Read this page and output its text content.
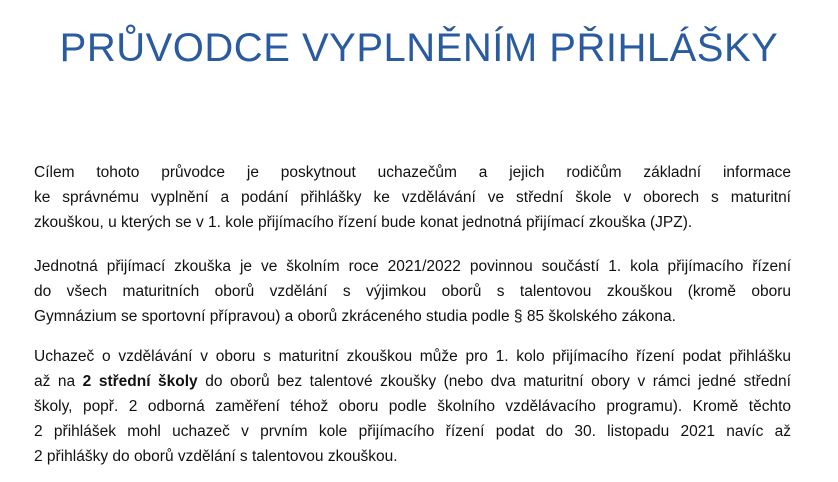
PRŮVODCE VYPLNĚNÍM PŘIHLÁŠKY

Cílem tohoto průvodce je poskytnout uchazečům a jejich rodičům základní informace
ke správnému vyplnění a podání přihlášky ke vzdělávání ve střední škole v oborech s maturitní
zkouškou, u kterých se v 1. kole přijímacího řízení bude konat jednotná přijímací zkouška (JPZ).

Jednotná přijímací zkouška je ve školním roce 2021/2022 povinnou součástí 1. kola přijímacího řízení
do všech maturitních oborů vzdělání s výjimkou oborů s talentovou zkouškou (kromě oboru
Gymnázium se sportovní přípravou) a oborů zkráceného studia podle § 85 školského zákona.

Uchazeč o vzdělávání v oboru s maturitní zkouškou může pro 1. kolo přijímacího řízení podat přihlášku
až na 2 střední školy do oborů bez talentové zkoušky (nebo dva maturitní obory v rámci jedné střední
školy, popř. 2 odborná zaměření téhož oboru podle školního vzdělávacího programu). Kromě těchto
2 přihlášek mohl uchazeč v prvním kole přijímacího řízení podat do 30. listopadu 2021 navíc až
2 přihlášky do oborů vzdělání s talentovou zkouškou.
